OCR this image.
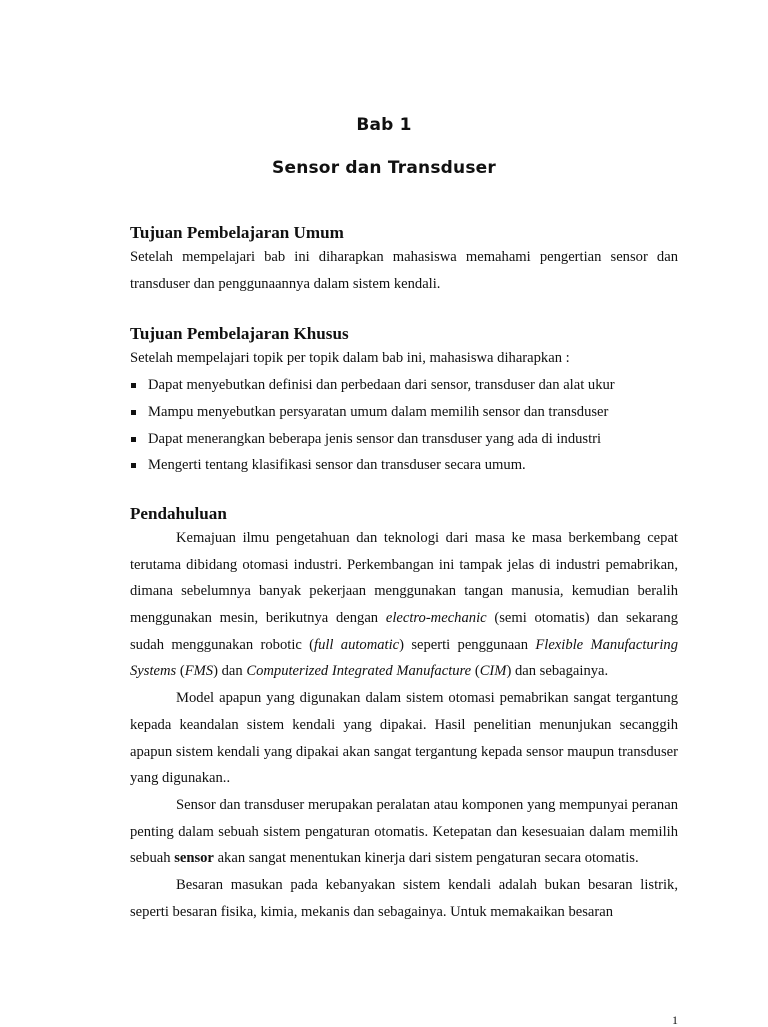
Bab 1
Sensor dan Transduser
Tujuan Pembelajaran Umum

Setelah mempelajari bab ini diharapkan mahasiswa memahami pengertian sensor dan transduser dan penggunaannya dalam sistem kendali.

Tujuan Pembelajaran Khusus

Setelah mempelajari topik per topik dalam bab ini, mahasiswa diharapkan :

Dapat menyebutkan definisi dan perbedaan dari sensor, transduser dan alat ukur
Mampu menyebutkan persyaratan umum dalam memilih sensor dan transduser
Dapat menerangkan beberapa jenis sensor dan transduser yang ada di industri
Mengerti tentang klasifikasi sensor dan transduser secara umum.
Pendahuluan

Kemajuan ilmu pengetahuan dan teknologi dari masa ke masa berkembang cepat terutama dibidang otomasi industri. Perkembangan ini tampak jelas di industri pemabrikan, dimana sebelumnya banyak pekerjaan menggunakan tangan manusia, kemudian beralih menggunakan mesin, berikutnya dengan electro-mechanic (semi otomatis) dan sekarang sudah menggunakan robotic (full automatic) seperti penggunaan Flexible Manufacturing Systems (FMS) dan Computerized Integrated Manufacture (CIM) dan sebagainya.

Model apapun yang digunakan dalam sistem otomasi pemabrikan sangat tergantung kepada keandalan sistem kendali yang dipakai. Hasil penelitian menunjukan secanggih apapun sistem kendali yang dipakai akan sangat tergantung kepada sensor maupun transduser yang digunakan..

Sensor dan transduser merupakan peralatan atau komponen yang mempunyai peranan penting dalam sebuah sistem pengaturan otomatis. Ketepatan dan kesesuaian dalam memilih sebuah sensor akan sangat menentukan kinerja dari sistem pengaturan secara otomatis.

Besaran masukan pada kebanyakan sistem kendali adalah bukan besaran listrik, seperti besaran fisika, kimia, mekanis dan sebagainya. Untuk memakaikan besaran

1
